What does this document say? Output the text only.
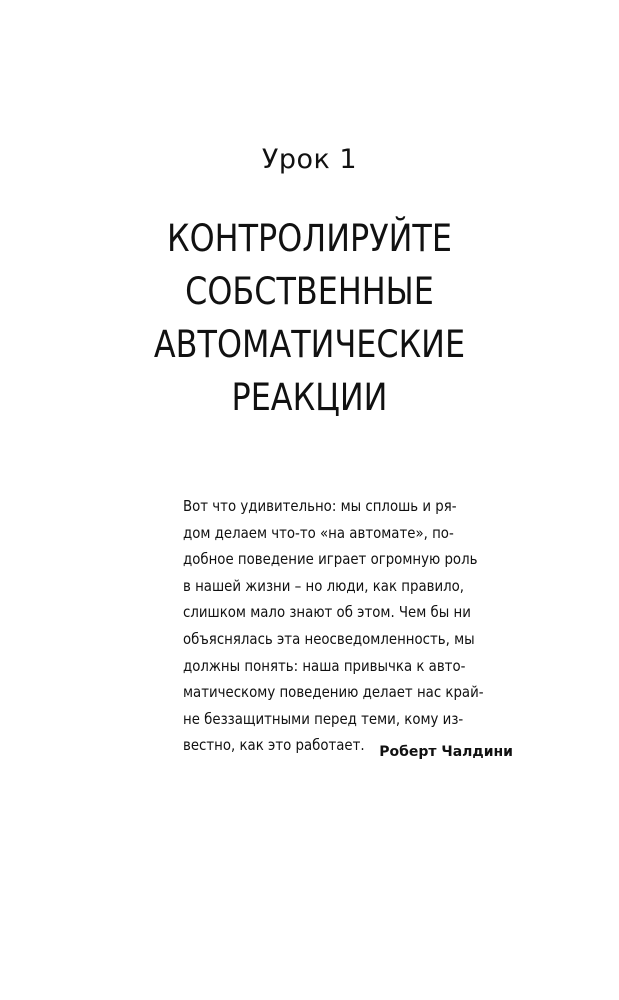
Урок 1
КОНТРОЛИРУЙТЕ
СОБСТВЕННЫЕ
АВТОМАТИЧЕСКИЕ
РЕАКЦИИ
Вот что удивительно: мы сплошь и ря-
дом делаем что-то «на автомате», по-
добное поведение играет огромную роль
в нашей жизни – но люди, как правило,
слишком мало знают об этом. Чем бы ни
объяснялась эта неосведомленность, мы
должны понять: наша привычка к авто-
матическому поведению делает нас край-
не беззащитными перед теми, кому из-
вестно, как это работает.	Роберт Чалдини
